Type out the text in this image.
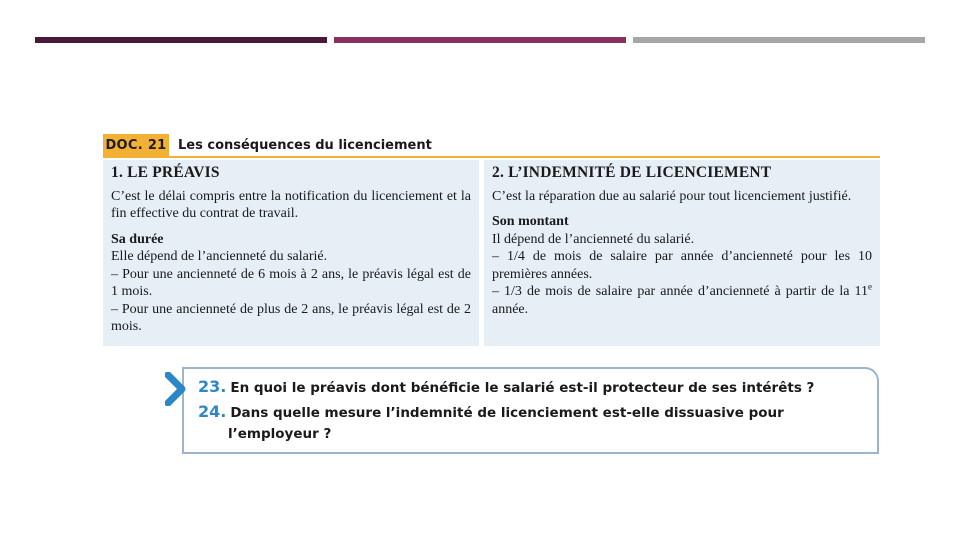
DOC. 21 Les conséquences du licenciement
1. LE PRÉAVIS

C’est le délai compris entre la notification du licenciement et la fin effective du contrat de travail.

Sa durée

Elle dépend de l’ancienneté du salarié.

– Pour une ancienneté de 6 mois à 2 ans, le préavis légal est de 1 mois.

– Pour une ancienneté de plus de 2 ans, le préavis légal est de 2 mois.

2. L’INDEMNITÉ DE LICENCIEMENT

C’est la réparation due au salarié pour tout licenciement justifié.

Son montant

Il dépend de l’ancienneté du salarié.

– 1/4 de mois de salaire par année d’ancienneté pour les 10 premières années.

– 1/3 de mois de salaire par année d’ancienneté à partir de la 11e année.

23. En quoi le préavis dont bénéficie le salarié est-il protecteur de ses intérêts ?
24. Dans quelle mesure l’indemnité de licenciement est-elle dissuasive pour
l’employeur ?
